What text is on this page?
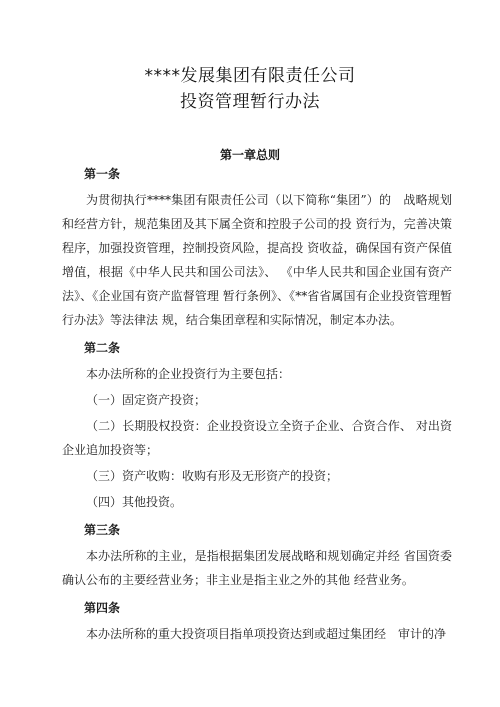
****发展集团有限责任公司
投资管理暂行办法
第一章总则
第一条
为贯彻执行****集团有限责任公司（以下简称“集团”）的　战略规划和经营方针，规范集团及其下属全资和控股子公司的投 资行为，完善决策程序，加强投资管理，控制投资风险，提高投 资收益，确保国有资产保值增值，根据《中华人民共和国公司法》、 《中华人民共和国企业国有资产法》、《企业国有资产监督管理 暂行条例》、《**省省属国有企业投资管理暂行办法》等法律法 规，结合集团章程和实际情况，制定本办法。
第二条
本办法所称的企业投资行为主要包括：
（一）固定资产投资；
（二）长期股权投资：企业投资设立全资子企业、合资合作、 对出资企业追加投资等；
（三）资产收购：收购有形及无形资产的投资；
（四）其他投资。
第三条
本办法所称的主业，是指根据集团发展战略和规划确定并经 省国资委确认公布的主要经营业务；非主业是指主业之外的其他 经营业务。
第四条
本办法所称的重大投资项目指单项投资达到或超过集团经　审计的净
